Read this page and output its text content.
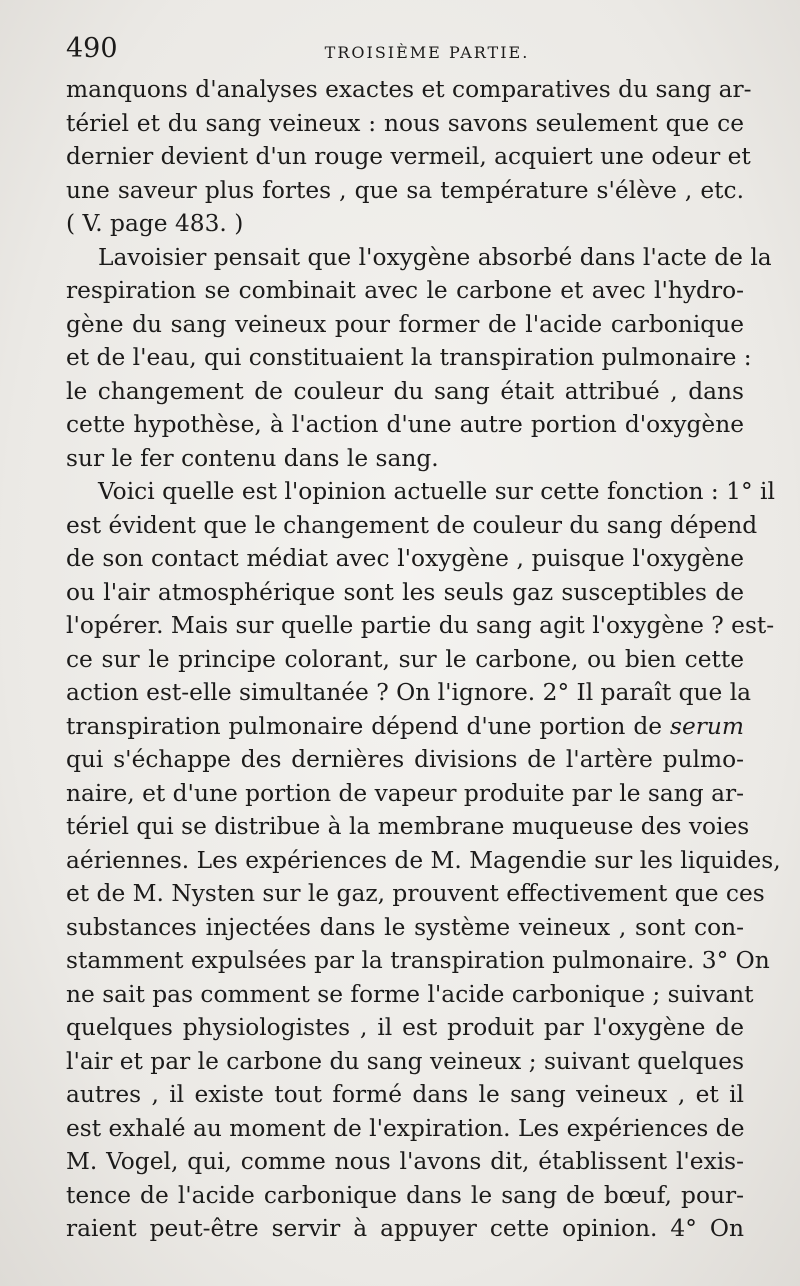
490	TROISIÈME PARTIE.
manquons d'analyses exactes et comparatives du sang ar-
tériel et du sang veineux : nous savons seulement que ce
dernier devient d'un rouge vermeil, acquiert une odeur et
une saveur plus fortes , que sa température s'élève , etc.
( V. page 483. )
Lavoisier pensait que l'oxygène absorbé dans l'acte de la
respiration se combinait avec le carbone et avec l'hydro-
gène du sang veineux pour former de l'acide carbonique
et de l'eau, qui constituaient la transpiration pulmonaire :
le changement de couleur du sang était attribué , dans
cette hypothèse, à l'action d'une autre portion d'oxygène
sur le fer contenu dans le sang.
Voici quelle est l'opinion actuelle sur cette fonction : 1° il
est évident que le changement de couleur du sang dépend
de son contact médiat avec l'oxygène , puisque l'oxygène
ou l'air atmosphérique sont les seuls gaz susceptibles de
l'opérer. Mais sur quelle partie du sang agit l'oxygène ? est-
ce sur le principe colorant, sur le carbone, ou bien cette
action est-elle simultanée ? On l'ignore. 2° Il paraît que la
transpiration pulmonaire dépend d'une portion de serum
qui s'échappe des dernières divisions de l'artère pulmo-
naire, et d'une portion de vapeur produite par le sang ar-
tériel qui se distribue à la membrane muqueuse des voies
aériennes. Les expériences de M. Magendie sur les liquides,
et de M. Nysten sur le gaz, prouvent effectivement que ces
substances injectées dans le système veineux , sont con-
stamment expulsées par la transpiration pulmonaire. 3° On
ne sait pas comment se forme l'acide carbonique ; suivant
quelques physiologistes , il est produit par l'oxygène de
l'air et par le carbone du sang veineux ; suivant quelques
autres , il existe tout formé dans le sang veineux , et il
est exhalé au moment de l'expiration. Les expériences de
M. Vogel, qui, comme nous l'avons dit, établissent l'exis-
tence de l'acide carbonique dans le sang de bœuf, pour-
raient peut-être servir à appuyer cette opinion. 4° On
